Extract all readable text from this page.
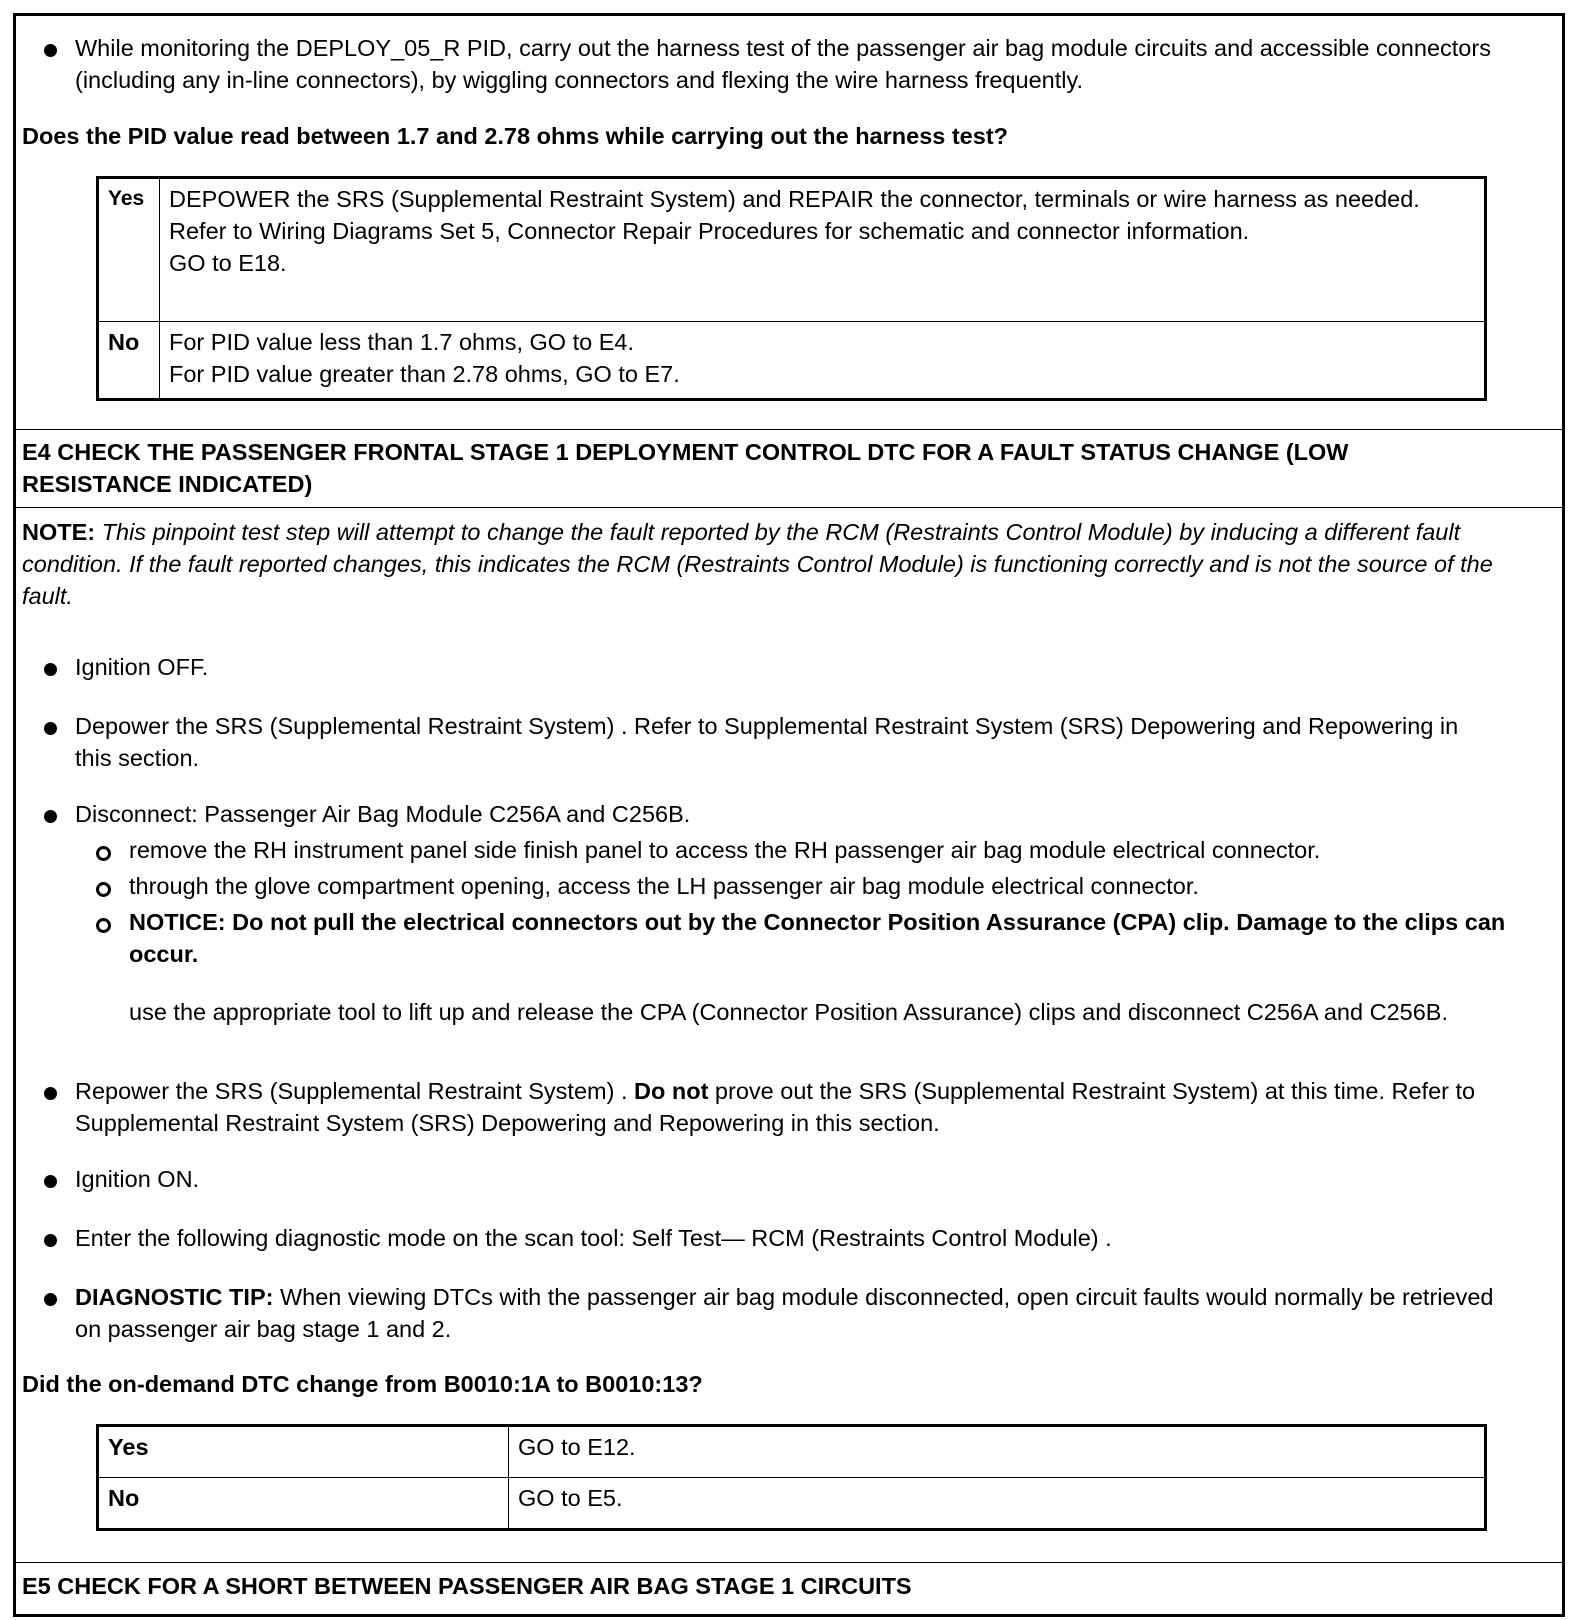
While monitoring the DEPLOY_05_R PID, carry out the harness test of the passenger air bag module circuits and accessible connectors (including any in-line connectors), by wiggling connectors and flexing the wire harness frequently.
Does the PID value read between 1.7 and 2.78 ohms while carrying out the harness test?
Yes	DEPOWER the SRS (Supplemental Restraint System) and REPAIR the connector, terminals or wire harness as needed.
Refer to Wiring Diagrams Set 5, Connector Repair Procedures for schematic and connector information.
GO to E18.

No	For PID value less than 1.7 ohms, GO to E4.
For PID value greater than 2.78 ohms, GO to E7.
E4 CHECK THE PASSENGER FRONTAL STAGE 1 DEPLOYMENT CONTROL DTC FOR A FAULT STATUS CHANGE (LOW RESISTANCE INDICATED)
NOTE: This pinpoint test step will attempt to change the fault reported by the RCM (Restraints Control Module) by inducing a different fault condition. If the fault reported changes, this indicates the RCM (Restraints Control Module) is functioning correctly and is not the source of the fault.
Ignition OFF.
Depower the SRS (Supplemental Restraint System) . Refer to Supplemental Restraint System (SRS) Depowering and Repowering in this section.
Disconnect: Passenger Air Bag Module C256A and C256B.
remove the RH instrument panel side finish panel to access the RH passenger air bag module electrical connector.
through the glove compartment opening, access the LH passenger air bag module electrical connector.
NOTICE: Do not pull the electrical connectors out by the Connector Position Assurance (CPA) clip. Damage to the clips can occur.
use the appropriate tool to lift up and release the CPA (Connector Position Assurance) clips and disconnect C256A and C256B.
Repower the SRS (Supplemental Restraint System) . Do not prove out the SRS (Supplemental Restraint System) at this time. Refer to Supplemental Restraint System (SRS) Depowering and Repowering in this section.
Ignition ON.
Enter the following diagnostic mode on the scan tool: Self Test— RCM (Restraints Control Module) .
DIAGNOSTIC TIP: When viewing DTCs with the passenger air bag module disconnected, open circuit faults would normally be retrieved on passenger air bag stage 1 and 2.
Did the on-demand DTC change from B0010:1A to B0010:13?
Yes	GO to E12.
No	GO to E5.
E5 CHECK FOR A SHORT BETWEEN PASSENGER AIR BAG STAGE 1 CIRCUITS
